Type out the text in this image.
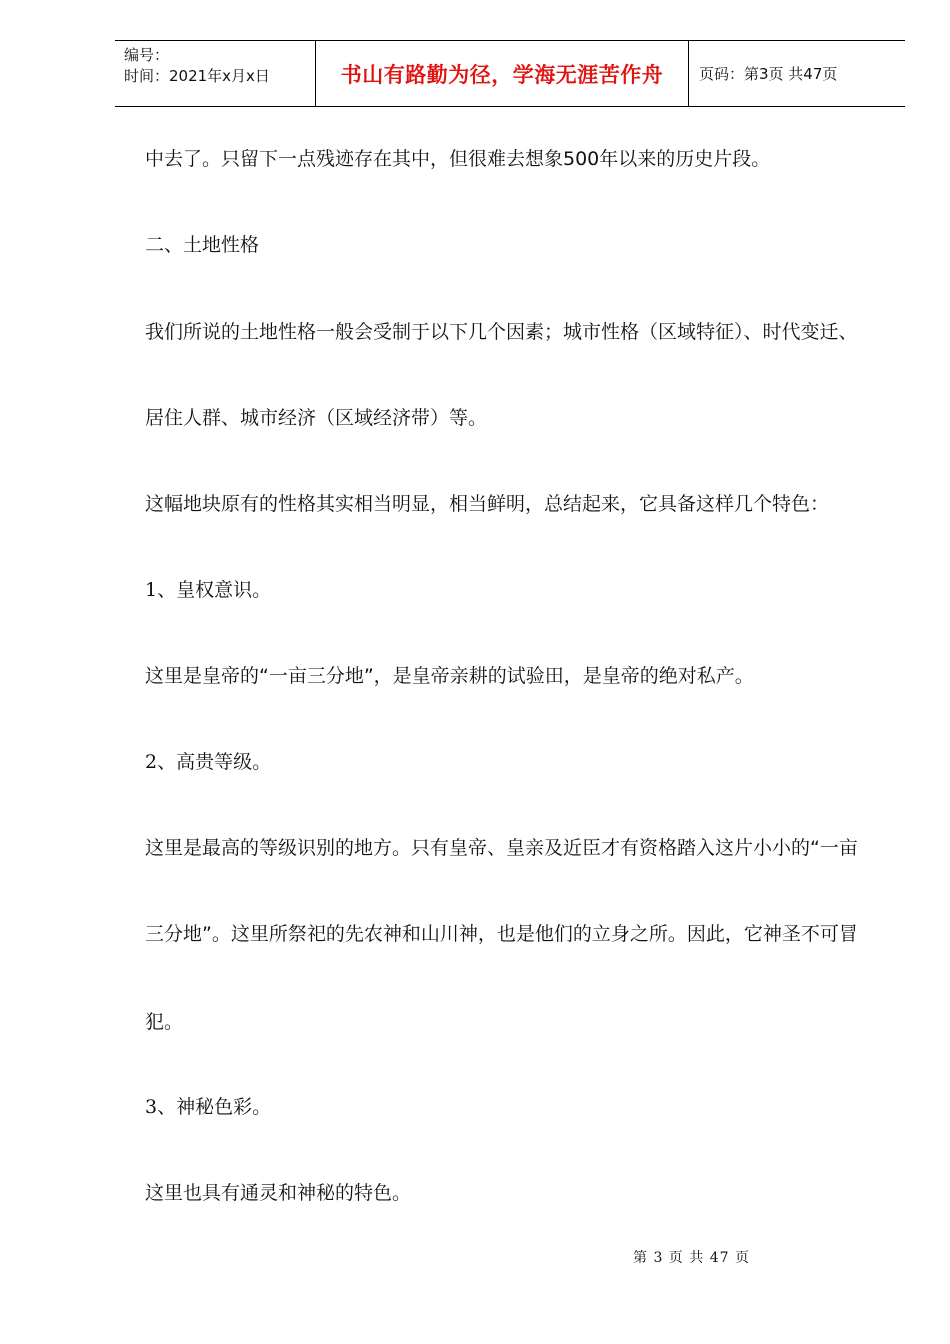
编号：
时间：2021年x月x日	书山有路勤为径，学海无涯苦作舟 页码：第3页 共47页
中去了。只留下一点残迹存在其中，但很难去想象500年以来的历史片段。
二、土地性格
我们所说的土地性格一般会受制于以下几个因素；城市性格（区域特征）、时代变迁、
居住人群、城市经济（区域经济带）等。
这幅地块原有的性格其实相当明显，相当鲜明，总结起来，它具备这样几个特色：
1、皇权意识。
这里是皇帝的“一亩三分地”，是皇帝亲耕的试验田，是皇帝的绝对私产。
2、高贵等级。
这里是最高的等级识别的地方。只有皇帝、皇亲及近臣才有资格踏入这片小小的“一亩
三分地”。这里所祭祀的先农神和山川神，也是他们的立身之所。因此，它神圣不可冒
犯。
3、神秘色彩。
这里也具有通灵和神秘的特色。
第 3 页 共 47 页
